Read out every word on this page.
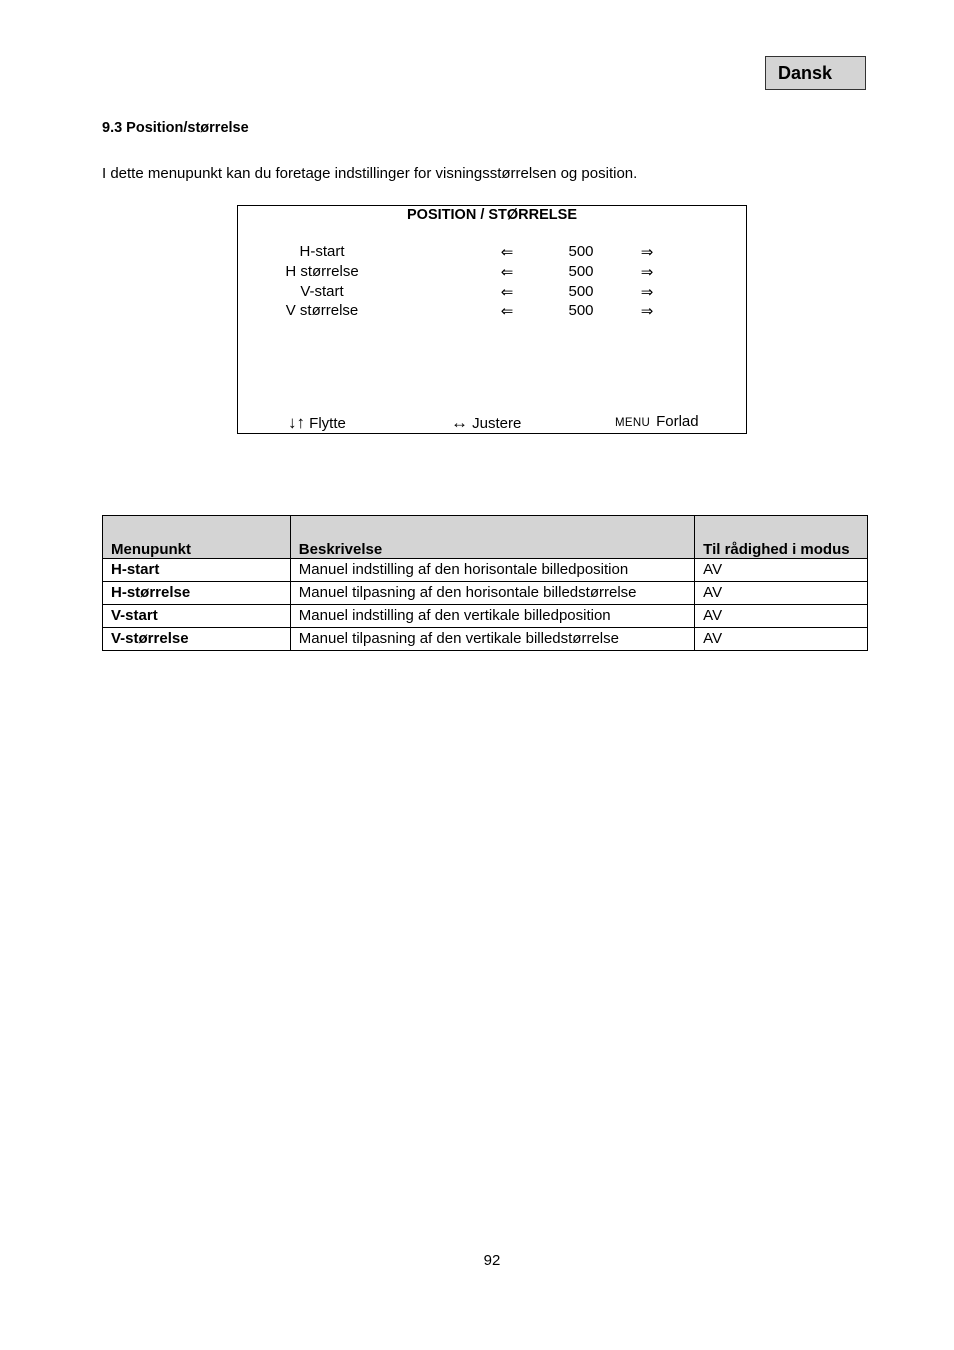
Dansk
9.3 Position/størrelse
I dette menupunkt kan du foretage indstillinger for visningsstørrelsen og position.
POSITION / STØRRELSE
H-start	⇐	500	⇒
H størrelse	⇐	500	⇒
V-start	⇐	500	⇒
V størrelse	⇐	500	⇒
↓↑ Flytte	↔ Justere	MENU Forlad
Menupunkt	Beskrivelse	Til rådighed i modus
H-start	Manuel indstilling af den horisontale billedposition	AV
H-størrelse	Manuel tilpasning af den horisontale billedstørrelse	AV
V-start	Manuel indstilling af den vertikale billedposition	AV
V-størrelse	Manuel tilpasning af den vertikale billedstørrelse	AV
92
